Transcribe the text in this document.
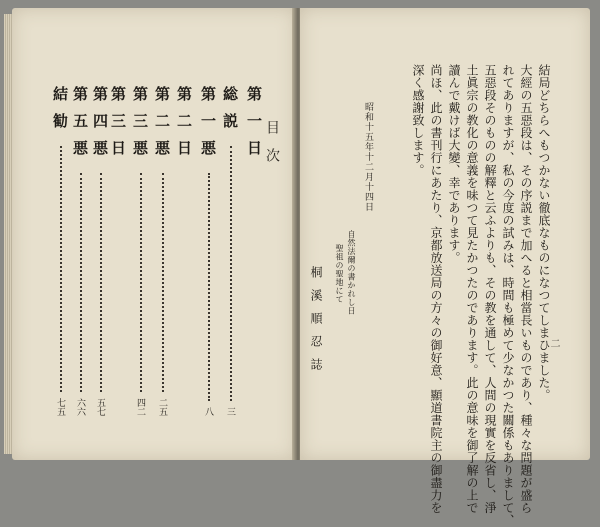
第一日
総説
三
第一悪
八
第二日
第二悪
二五
第三悪
四二
第三日
第四悪
五七
第五悪
六六
結勧
七五
目次	結局どちらへもつかない徹底なものになつてしまひました。
大經の五惡段は、その序説まで加へると相當長いものであり、種々な問題が盛ら
れてありますが、私の今度の試みは、時間も極めて少なかつた關係もありまして、
五惡段そのものの解釋と云ふよりも、その教を通して、人間の現實を反省し、淨
土眞宗の教化の意義を味つて見たかつたのであります。此の意味を御了解の上で
讀んで戴けば大變、幸であります。
尚ほ、此の書刊行にあたり、京都放送局の方々の御好意、顯道書院主の御盡力を
深く感謝致します。
昭和十五年十二月十四日
自然法爾の書かれし日
聖祖の聖地にて
桐溪順忍誌	二
